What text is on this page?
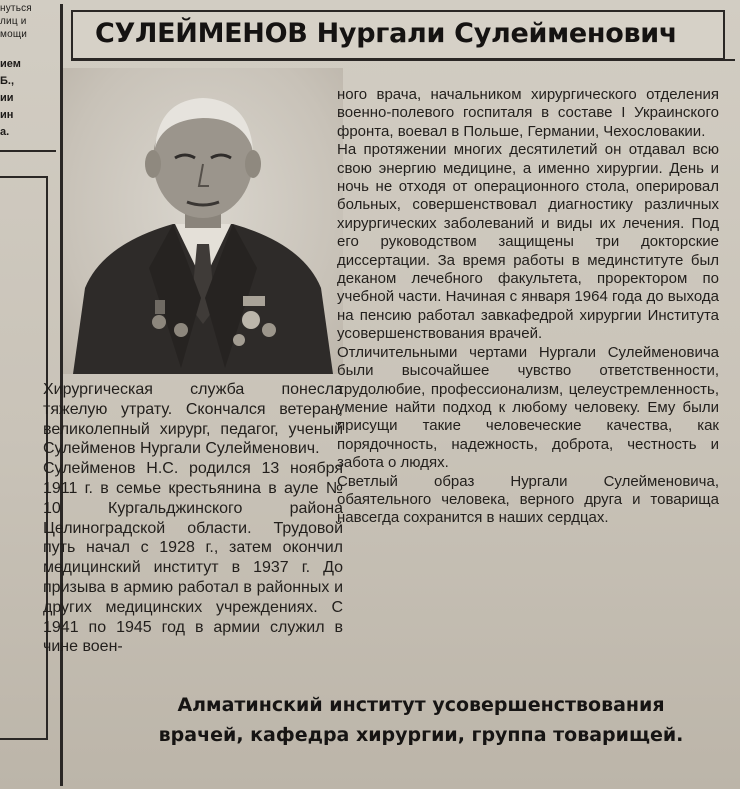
нуться
лиц и
мощи
ием
Б.,
ии
ин
а.
СУЛЕЙМЕНОВ Нургали Сулейменович
Хирургическая служба понесла тяжелую утрату. Скончался ветеран, великолепный хирург, педагог, ученый Сулейменов Нургали Сулейменович.
Сулейменов Н.С. родился 13 ноября 1911 г. в семье крестьянина в ауле № 10 Кургальджинского района Целиноградской области. Трудовой путь начал с 1928 г., затем окончил медицинский институт в 1937 г. До призыва в армию работал в районных и других медицинских учреждениях. С 1941 по 1945 год в армии служил в чине воен-
ного врача, начальником хирургического отделения военно-полевого госпиталя в составе I Украинского фронта, воевал в Польше, Германии, Чехословакии.
На протяжении многих десятилетий он отдавал всю свою энергию медицине, а именно хирургии. День и ночь не отходя от операционного стола, оперировал больных, совершенствовал диагностику различных хирургических заболеваний и виды их лечения. Под его руководством защищены три докторские диссертации. За время работы в мединституте был деканом лечебного факультета, проректором по учебной части. Начиная с января 1964 года до выхода на пенсию работал завкафедрой хирургии Института усовершенствования врачей.
Отличительными чертами Нургали Сулейменовича были высочайшее чувство ответственности, трудолюбие, профессионализм, целеустремленность, умение найти подход к любому человеку. Ему были присущи такие человеческие качества, как порядочность, надежность, доброта, честность и забота о людях.
Светлый образ Нургали Сулейменовича, обаятельного человека, верного друга и товарища навсегда сохранится в наших сердцах.
Алматинский институт усовершенствования
врачей, кафедра хирургии, группа товарищей.
